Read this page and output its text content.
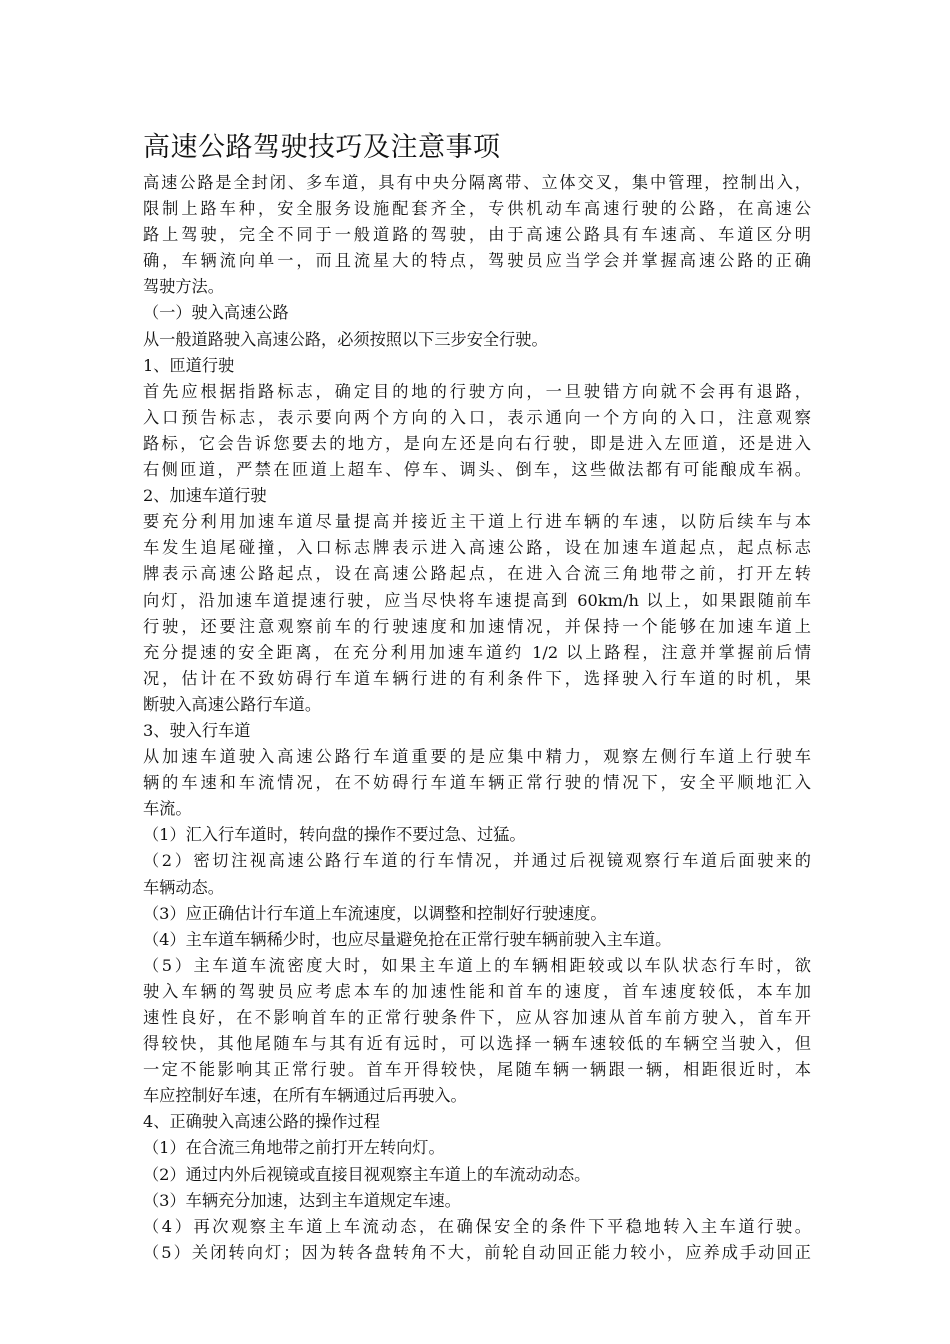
高速公路驾驶技巧及注意事项
高速公路是全封闭、多车道，具有中央分隔离带、立体交叉，集中管理，控制出入，
限制上路车种，安全服务设施配套齐全，专供机动车高速行驶的公路，在高速公
路上驾驶，完全不同于一般道路的驾驶，由于高速公路具有车速高、车道区分明
确，车辆流向单一，而且流星大的特点，驾驶员应当学会并掌握高速公路的正确
驾驶方法。
（一）驶入高速公路
从一般道路驶入高速公路，必须按照以下三步安全行驶。
1、匝道行驶
首先应根据指路标志，确定目的地的行驶方向，一旦驶错方向就不会再有退路，
入口预告标志，表示要向两个方向的入口，表示通向一个方向的入口，注意观察
路标，它会告诉您要去的地方，是向左还是向右行驶，即是进入左匝道，还是进入
右侧匝道，严禁在匝道上超车、停车、调头、倒车，这些做法都有可能酿成车祸。
2、加速车道行驶
要充分利用加速车道尽量提高并接近主干道上行进车辆的车速，以防后续车与本
车发生追尾碰撞，入口标志牌表示进入高速公路，设在加速车道起点，起点标志
牌表示高速公路起点，设在高速公路起点，在进入合流三角地带之前，打开左转
向灯，沿加速车道提速行驶，应当尽快将车速提高到 60km/h 以上，如果跟随前车
行驶，还要注意观察前车的行驶速度和加速情况，并保持一个能够在加速车道上
充分提速的安全距离，在充分利用加速车道约 1/2 以上路程，注意并掌握前后情
况，估计在不致妨碍行车道车辆行进的有利条件下，选择驶入行车道的时机，果
断驶入高速公路行车道。
3、驶入行车道
从加速车道驶入高速公路行车道重要的是应集中精力，观察左侧行车道上行驶车
辆的车速和车流情况，在不妨碍行车道车辆正常行驶的情况下，安全平顺地汇入
车流。
（1）汇入行车道时，转向盘的操作不要过急、过猛。
（2）密切注视高速公路行车道的行车情况，并通过后视镜观察行车道后面驶来的
车辆动态。
（3）应正确估计行车道上车流速度，以调整和控制好行驶速度。
（4）主车道车辆稀少时，也应尽量避免抢在正常行驶车辆前驶入主车道。
（5）主车道车流密度大时，如果主车道上的车辆相距较或以车队状态行车时，欲
驶入车辆的驾驶员应考虑本车的加速性能和首车的速度，首车速度较低，本车加
速性良好，在不影响首车的正常行驶条件下，应从容加速从首车前方驶入，首车开
得较快，其他尾随车与其有近有远时，可以选择一辆车速较低的车辆空当驶入，但
一定不能影响其正常行驶。首车开得较快，尾随车辆一辆跟一辆，相距很近时，本
车应控制好车速，在所有车辆通过后再驶入。
4、正确驶入高速公路的操作过程
（1）在合流三角地带之前打开左转向灯。
（2）通过内外后视镜或直接目视观察主车道上的车流动动态。
（3）车辆充分加速，达到主车道规定车速。
（4）再次观察主车道上车流动态，在确保安全的条件下平稳地转入主车道行驶。
（5）关闭转向灯；因为转各盘转角不大，前轮自动回正能力较小，应养成手动回正
